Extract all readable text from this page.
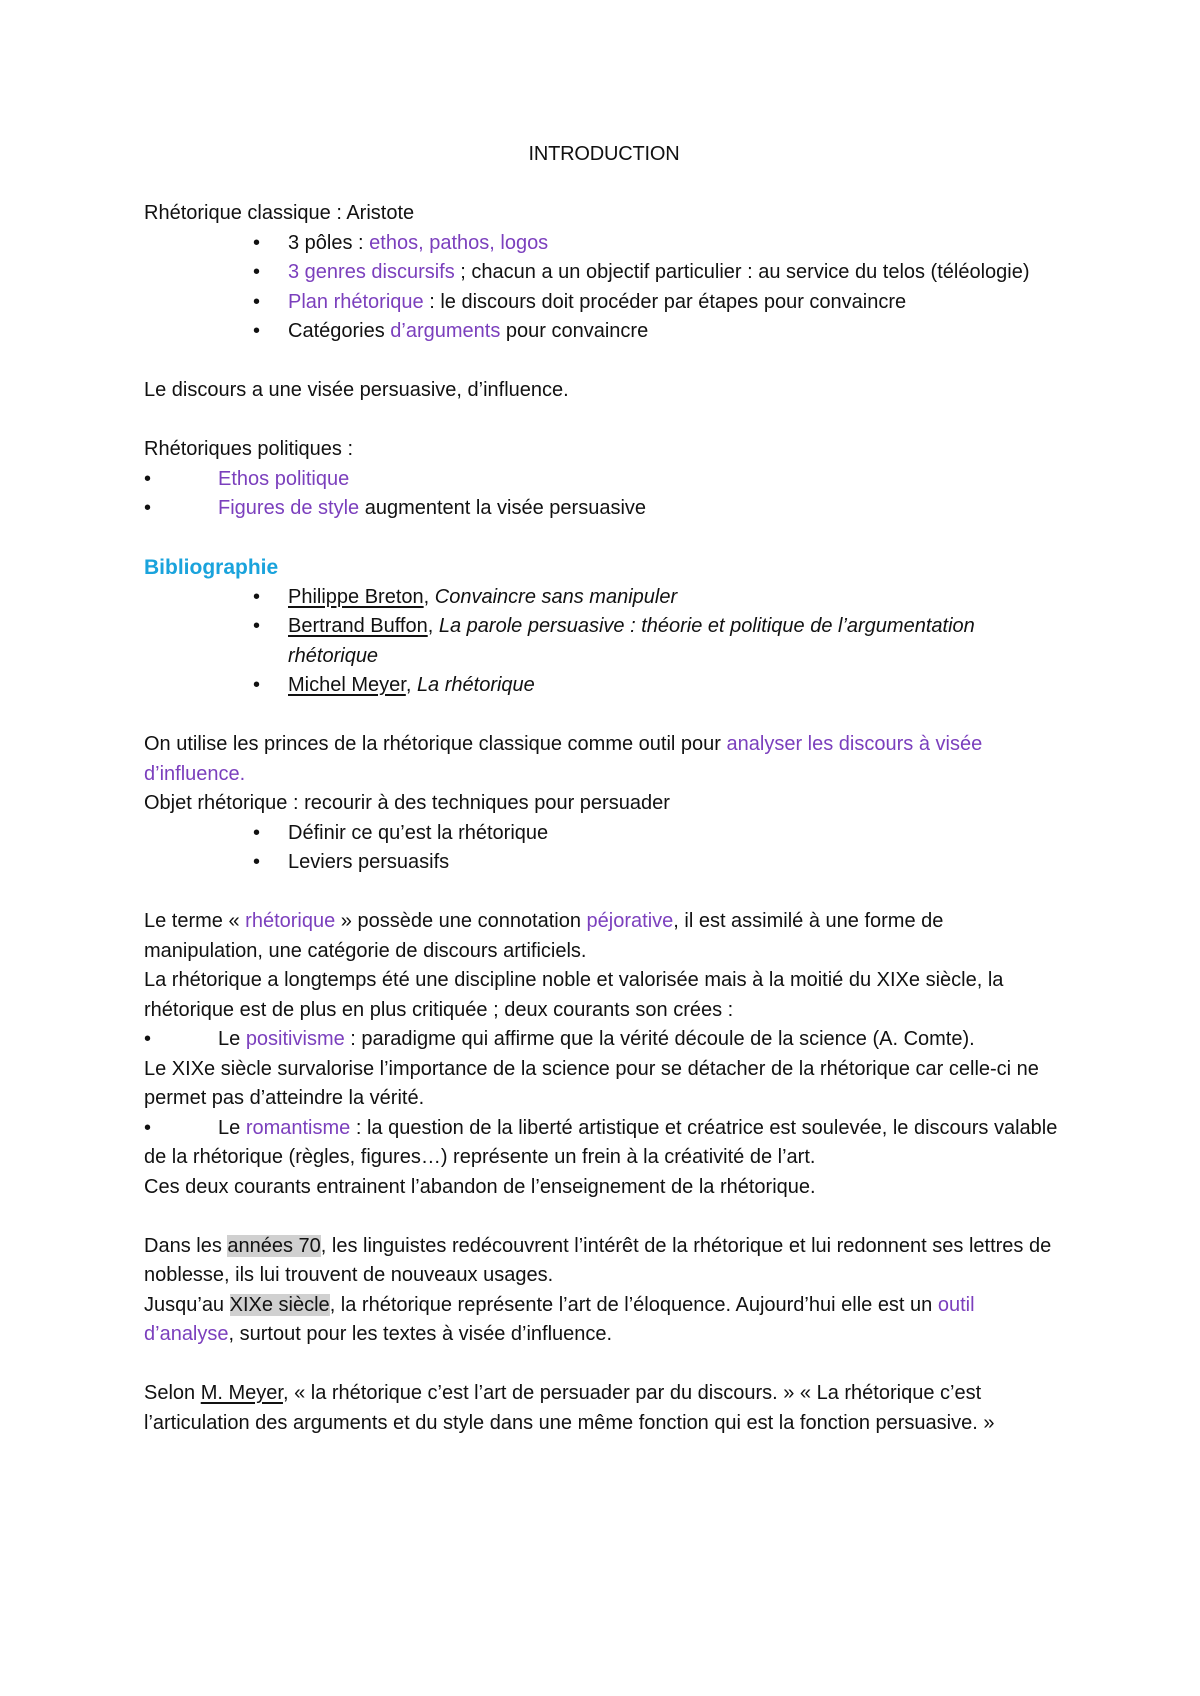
INTRODUCTION

Rhétorique classique : Aristote

• 3 pôles : ethos, pathos, logos
• 3 genres discursifs ; chacun a un objectif particulier : au service du telos (téléologie)
• Plan rhétorique : le discours doit procéder par étapes pour convaincre
• Catégories d’arguments pour convaincre

Le discours a une visée persuasive, d’influence.

Rhétoriques politiques :

• Ethos politique
• Figures de style augmentent la visée persuasive

Bibliographie

• Philippe Breton, Convaincre sans manipuler
• Bertrand Buffon, La parole persuasive : théorie et politique de l’argumentation rhétorique
• Michel Meyer, La rhétorique

On utilise les princes de la rhétorique classique comme outil pour analyser les discours à visée d’influence.

Objet rhétorique : recourir à des techniques pour persuader

• Définir ce qu’est la rhétorique
• Leviers persuasifs

Le terme « rhétorique » possède une connotation péjorative, il est assimilé à une forme de manipulation, une catégorie de discours artificiels.

La rhétorique a longtemps été une discipline noble et valorisée mais à la moitié du XIXe siècle, la rhétorique est de plus en plus critiquée ; deux courants son crées :

•	Le positivisme : paradigme qui affirme que la vérité découle de la science (A. Comte).

Le XIXe siècle survalorise l’importance de la science pour se détacher de la rhétorique car celle-ci ne permet pas d’atteindre la vérité.

•	Le romantisme : la question de la liberté artistique et créatrice est soulevée, le discours valable de la rhétorique (règles, figures…) représente un frein à la créativité de l’art.

Ces deux courants entrainent l’abandon de l’enseignement de la rhétorique.

Dans les années 70, les linguistes redécouvrent l’intérêt de la rhétorique et lui redonnent ses lettres de noblesse, ils lui trouvent de nouveaux usages.

Jusqu’au XIXe siècle, la rhétorique représente l’art de l’éloquence. Aujourd’hui elle est un outil d’analyse, surtout pour les textes à visée d’influence.

Selon M. Meyer, « la rhétorique c’est l’art de persuader par du discours. » « La rhétorique c’est l’articulation des arguments et du style dans une même fonction qui est la fonction persuasive. »
